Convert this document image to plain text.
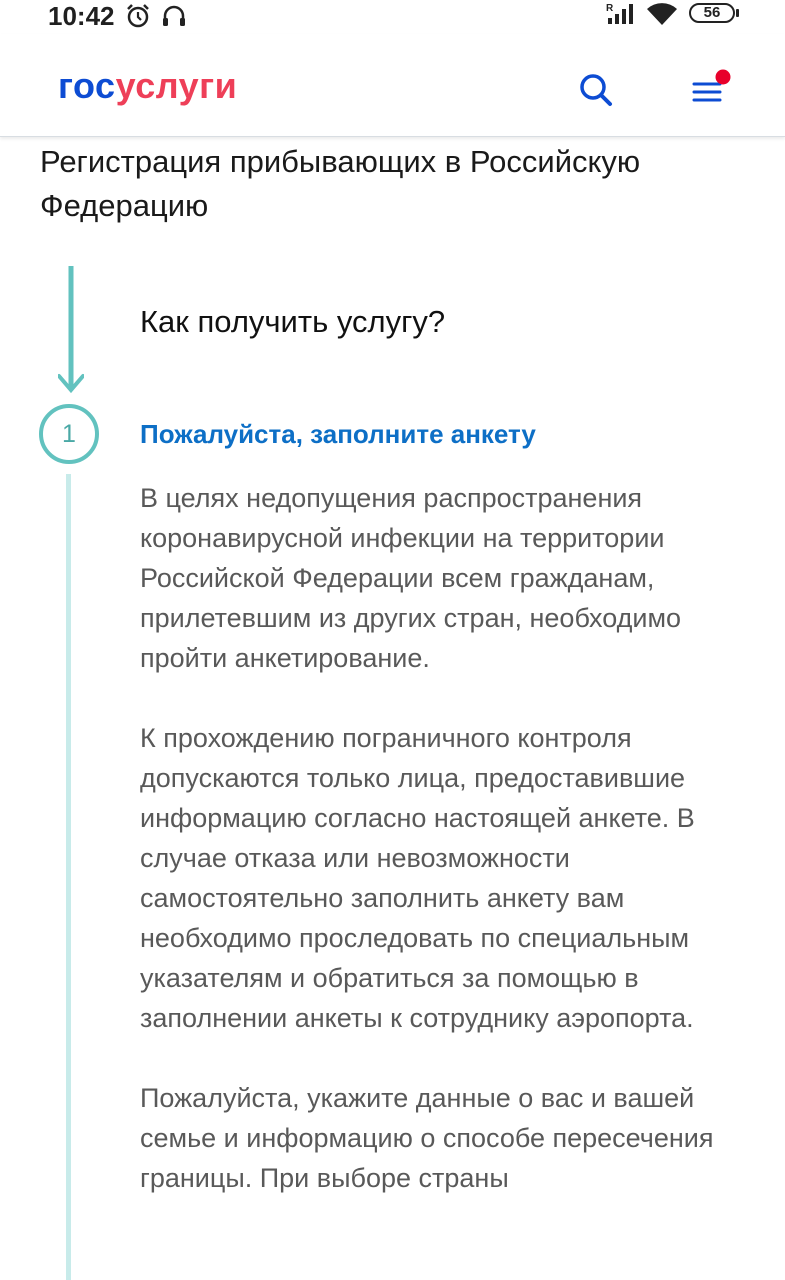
10:42	R	56
госуслуги
Регистрация прибывающих в Российскую Федерацию
Как получить услугу?
1	Пожалуйста, заполните анкету

В целях недопущения распространения коронавирусной инфекции на территории Российской Федерации всем гражданам, прилетевшим из других стран, необходимо пройти анкетирование.

К прохождению пограничного контроля допускаются только лица, предоставившие информацию согласно настоящей анкете. В случае отказа или невозможности самостоятельно заполнить анкету вам необходимо проследовать по специальным указателям и обратиться за помощью в заполнении анкеты к сотруднику аэропорта.

Пожалуйста, укажите данные о вас и вашей семье и информацию о способе пересечения границы. При выборе страны
